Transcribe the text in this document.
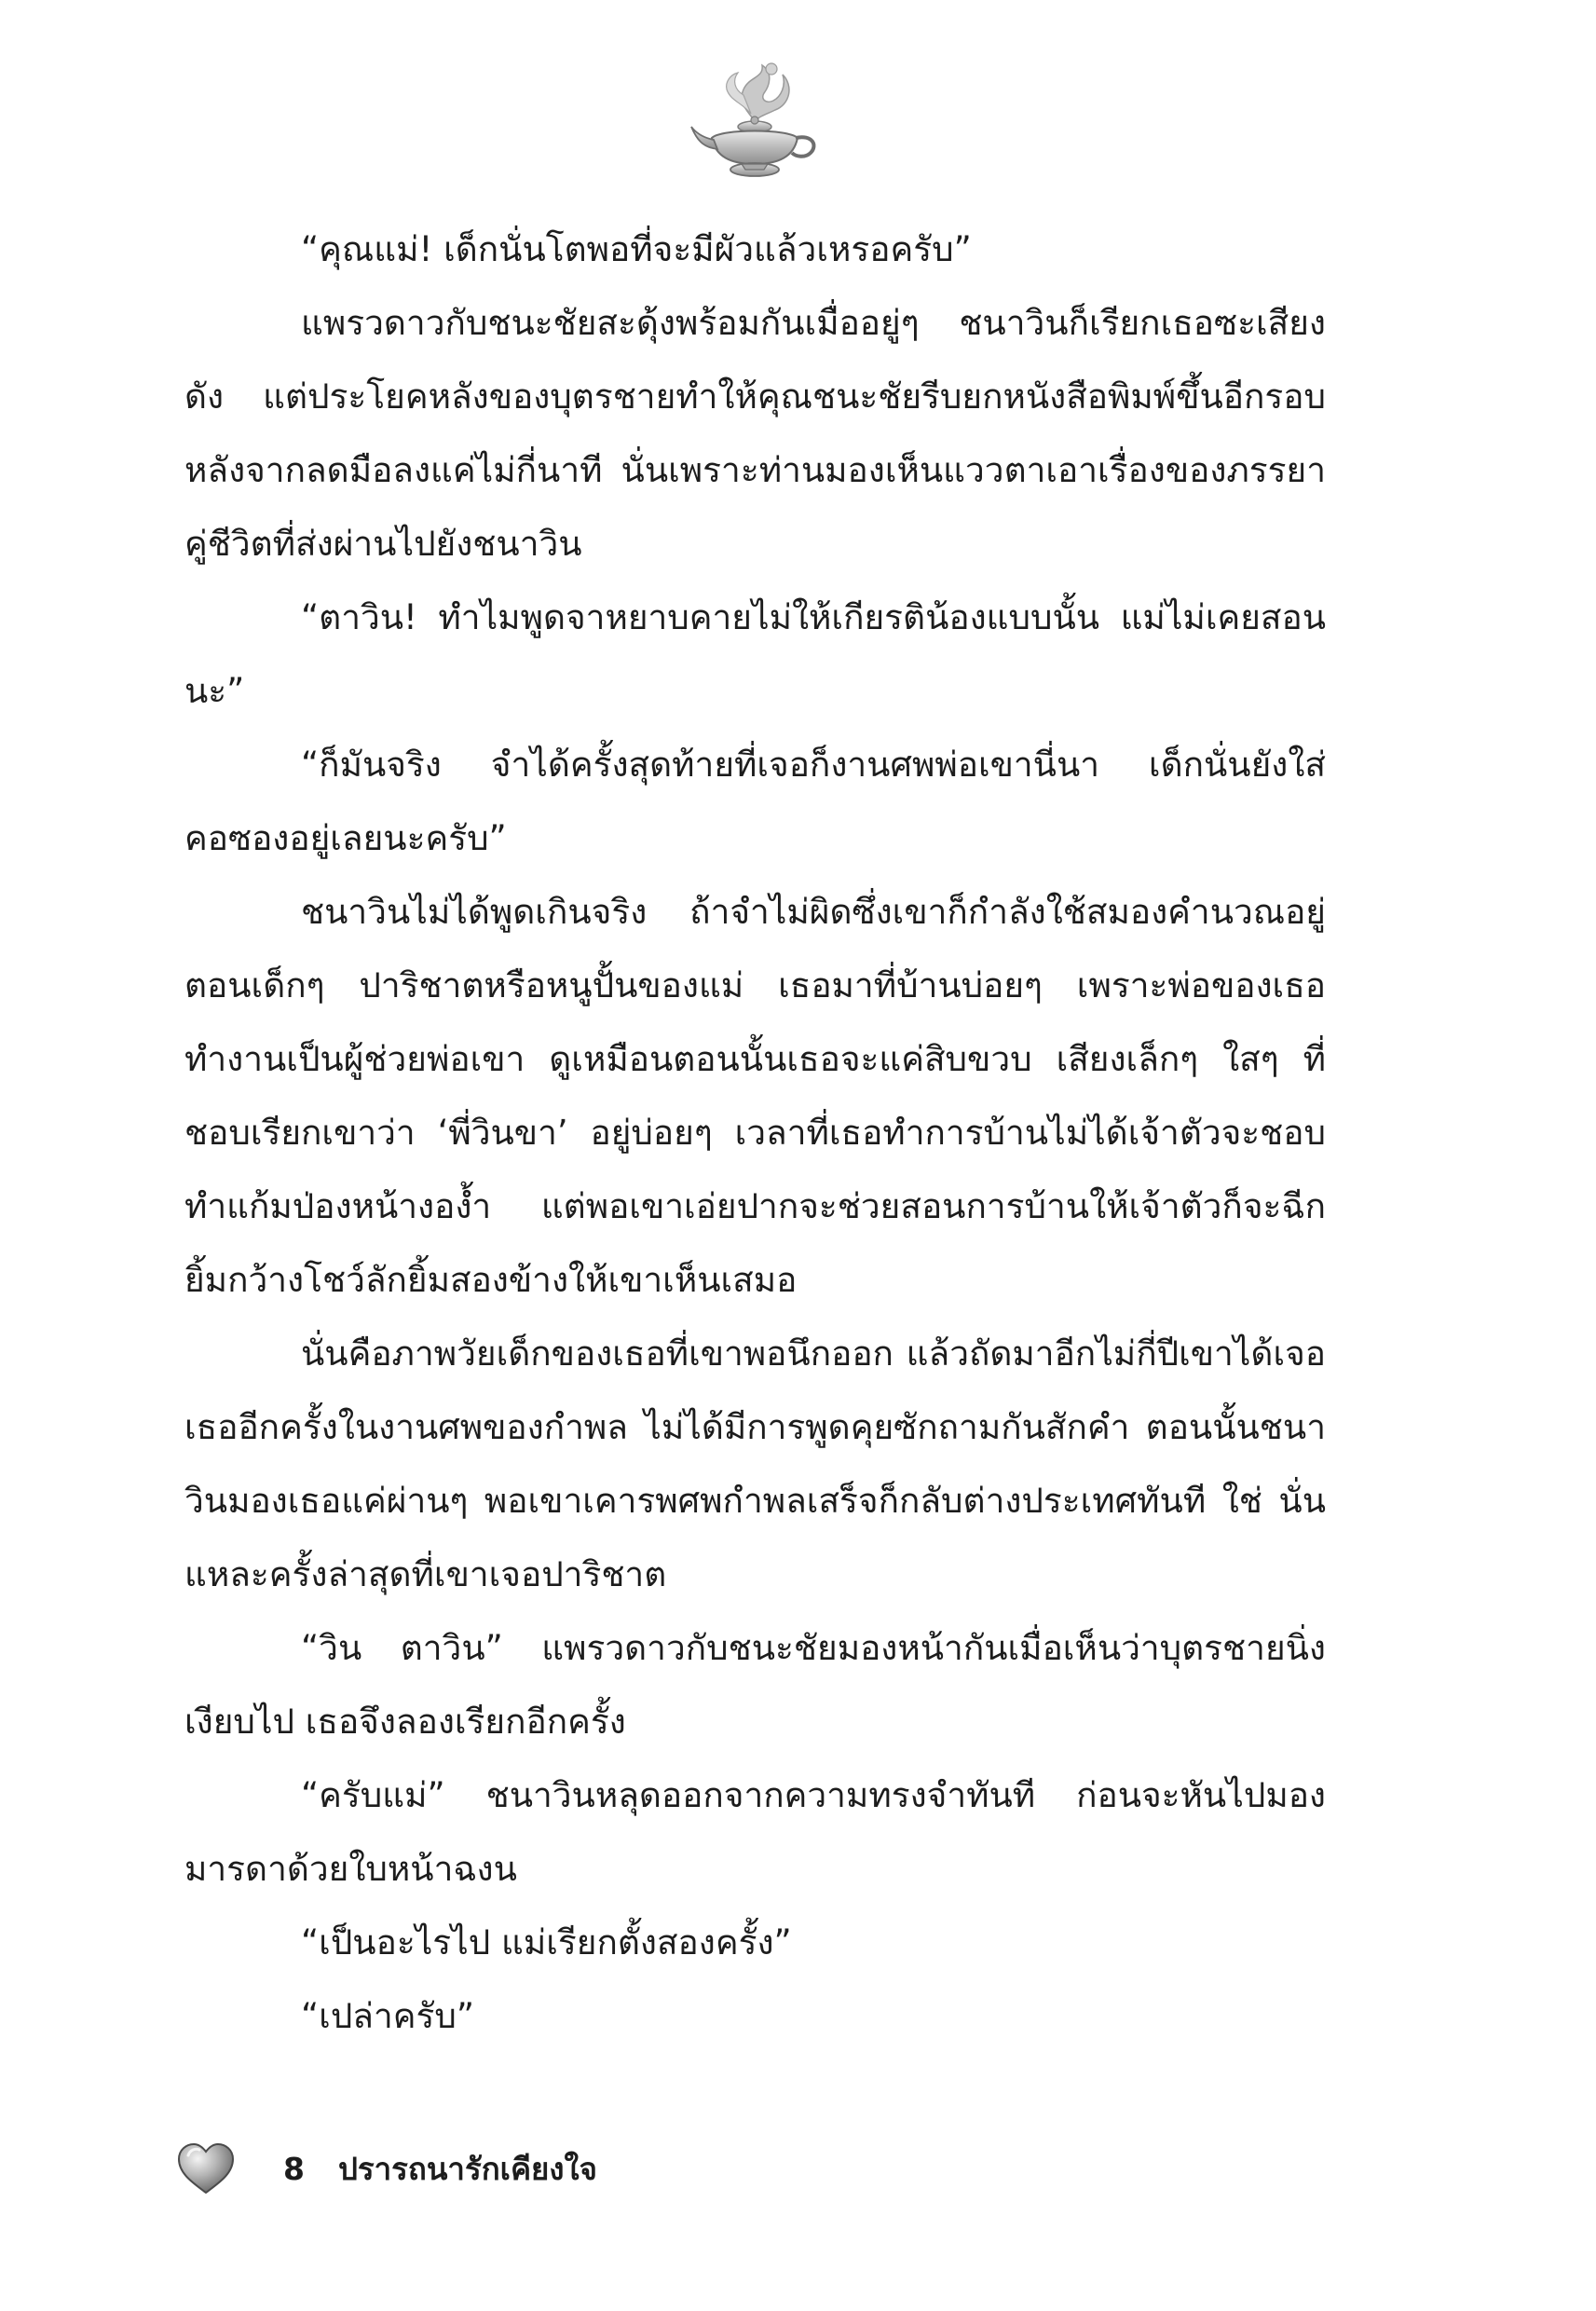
“คุณแม่! เด็กนั่นโตพอที่จะมีผัวแล้วเหรอครับ”

แพรวดาวกับชนะชัยสะดุ้งพร้อมกันเมื่ออยู่ๆ ชนาวินก็เรียกเธอซะเสียงดัง แต่ประโยคหลังของบุตรชายทำให้คุณชนะชัยรีบยกหนังสือพิมพ์ขึ้นอีกรอบหลังจากลดมือลงแค่ไม่กี่นาที นั่นเพราะท่านมองเห็นแววตาเอาเรื่องของภรรยาคู่ชีวิตที่ส่งผ่านไปยังชนาวิน

“ตาวิน! ทำไมพูดจาหยาบคายไม่ให้เกียรติน้องแบบนั้น แม่ไม่เคยสอนนะ”

“ก็มันจริง จำได้ครั้งสุดท้ายที่เจอก็งานศพพ่อเขานี่นา เด็กนั่นยังใส่คอซองอยู่เลยนะครับ”

ชนาวินไม่ได้พูดเกินจริง ถ้าจำไม่ผิดซึ่งเขาก็กำลังใช้สมองคำนวณอยู่ ตอนเด็กๆ ปาริชาตหรือหนูปั้นของแม่ เธอมาที่บ้านบ่อยๆ เพราะพ่อของเธอทำงานเป็นผู้ช่วยพ่อเขา ดูเหมือนตอนนั้นเธอจะแค่สิบขวบ เสียงเล็กๆ ใสๆ ที่ชอบเรียกเขาว่า ‘พี่วินขา’ อยู่บ่อยๆ เวลาที่เธอทำการบ้านไม่ได้เจ้าตัวจะชอบทำแก้มป่องหน้างองํ้า แต่พอเขาเอ่ยปากจะช่วยสอนการบ้านให้เจ้าตัวก็จะฉีกยิ้มกว้างโชว์ลักยิ้มสองข้างให้เขาเห็นเสมอ

นั่นคือภาพวัยเด็กของเธอที่เขาพอนึกออก แล้วถัดมาอีกไม่กี่ปีเขาได้เจอเธออีกครั้งในงานศพของกำพล ไม่ได้มีการพูดคุยซักถามกันสักคำ ตอนนั้นชนาวินมองเธอแค่ผ่านๆ พอเขาเคารพศพกำพลเสร็จก็กลับต่างประเทศทันที ใช่ นั่นแหละครั้งล่าสุดที่เขาเจอปาริชาต

“วิน ตาวิน” แพรวดาวกับชนะชัยมองหน้ากันเมื่อเห็นว่าบุตรชายนิ่งเงียบไป เธอจึงลองเรียกอีกครั้ง

“ครับแม่” ชนาวินหลุดออกจากความทรงจำทันที ก่อนจะหันไปมองมารดาด้วยใบหน้าฉงน

“เป็นอะไรไป แม่เรียกตั้งสองครั้ง”

“เปล่าครับ”

8 ปรารถนารักเคียงใจ
